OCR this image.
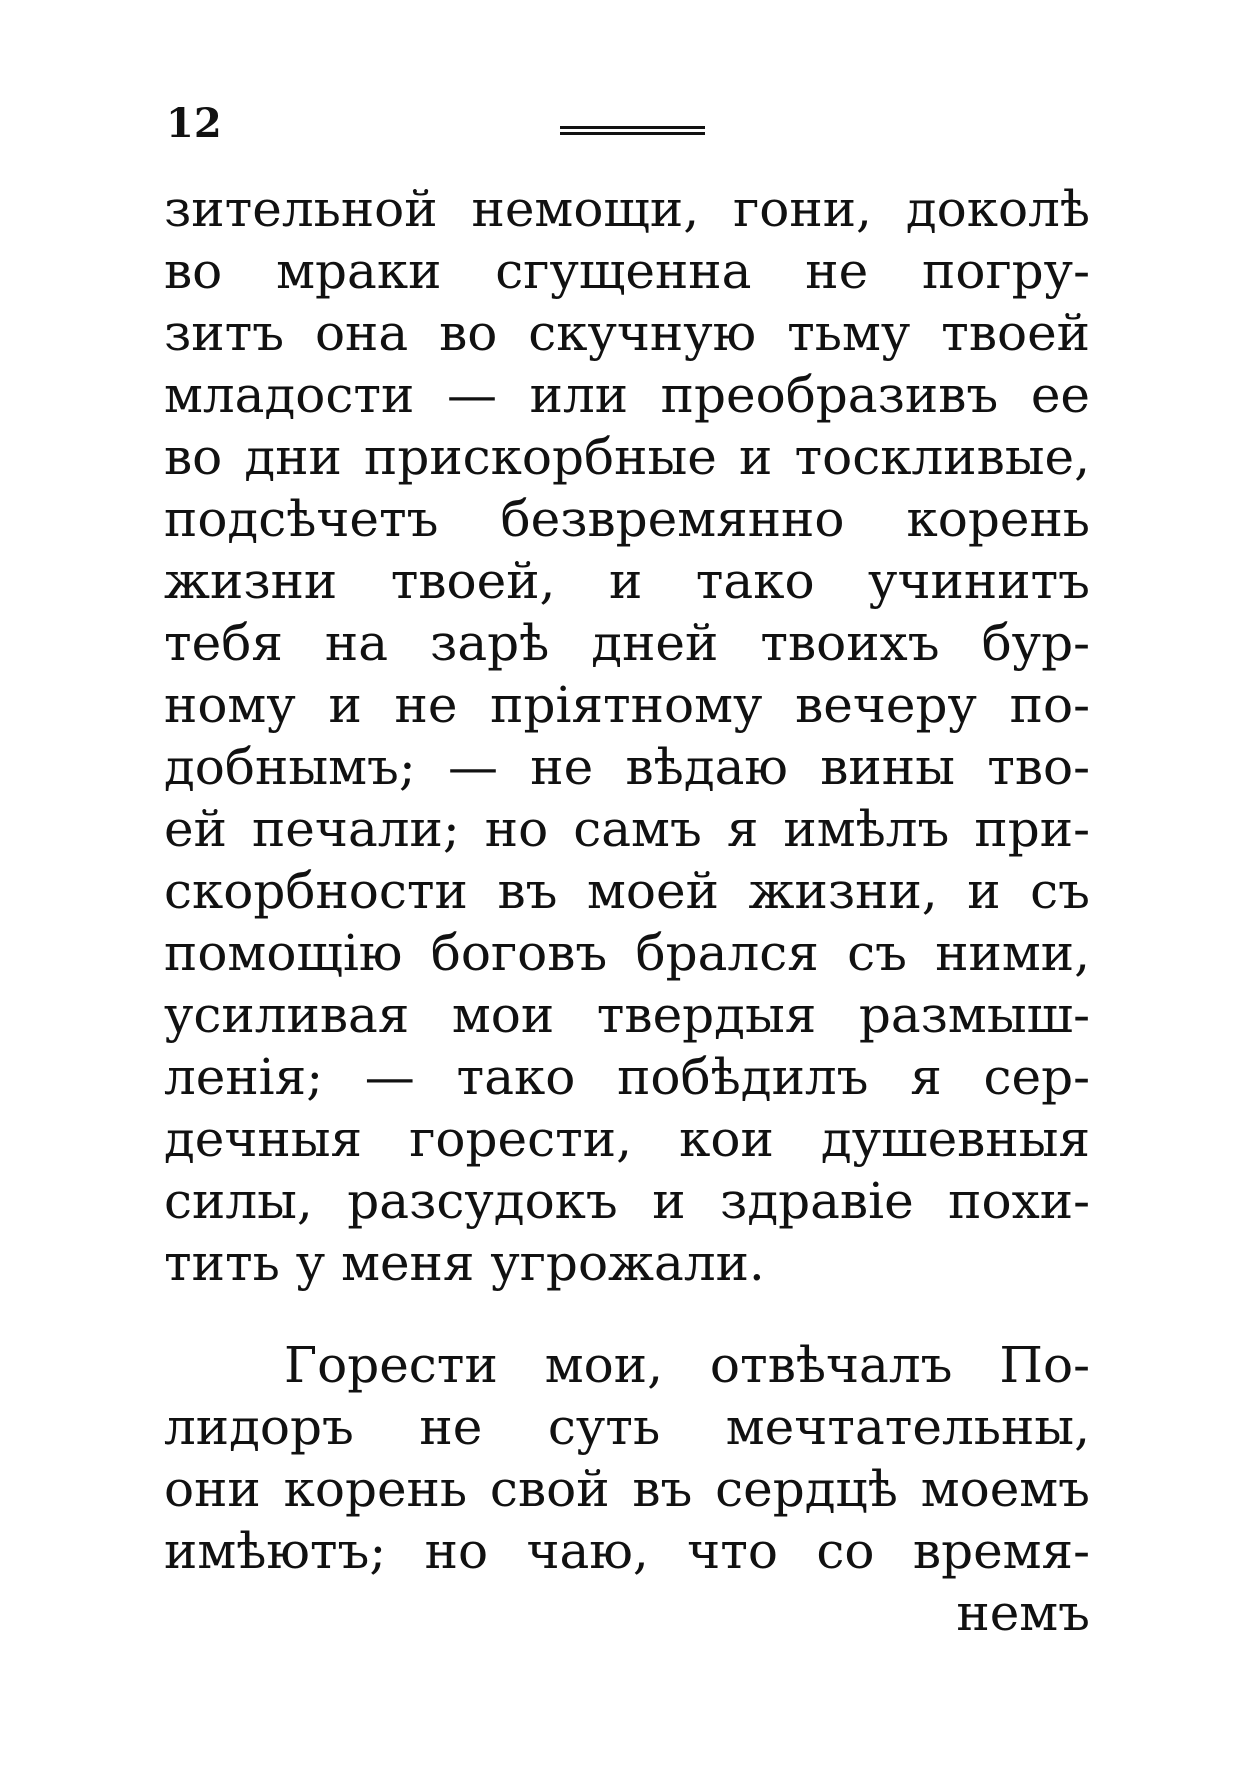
12
зительной немощи, гони, доколѣ
во мраки сгущенна не погру-
зитъ она во скучную тьму твоей
младости — или преобразивъ ее
во дни прискорбные и тоскливые,
подсѣчетъ безвремянно корень
жизни твоей, и тако учинитъ
тебя на зарѣ дней твоихъ бур-
ному и не пріятному вечеру по-
добнымъ; — не вѣдаю вины тво-
ей печали; но самъ я имѣлъ при-
скорбности въ моей жизни, и съ
помощію боговъ брался съ ними,
усиливая мои твердыя размыш-
ленія; — тако побѣдилъ я сер-
дечныя горести, кои душевныя
силы, разсудокъ и здравіе похи-
тить у меня угрожали.
Горести мои, отвѣчалъ По-
лидоръ не суть мечтательны,
они корень свой въ сердцѣ моемъ
имѣютъ; но чаю, что со время-
немъ
